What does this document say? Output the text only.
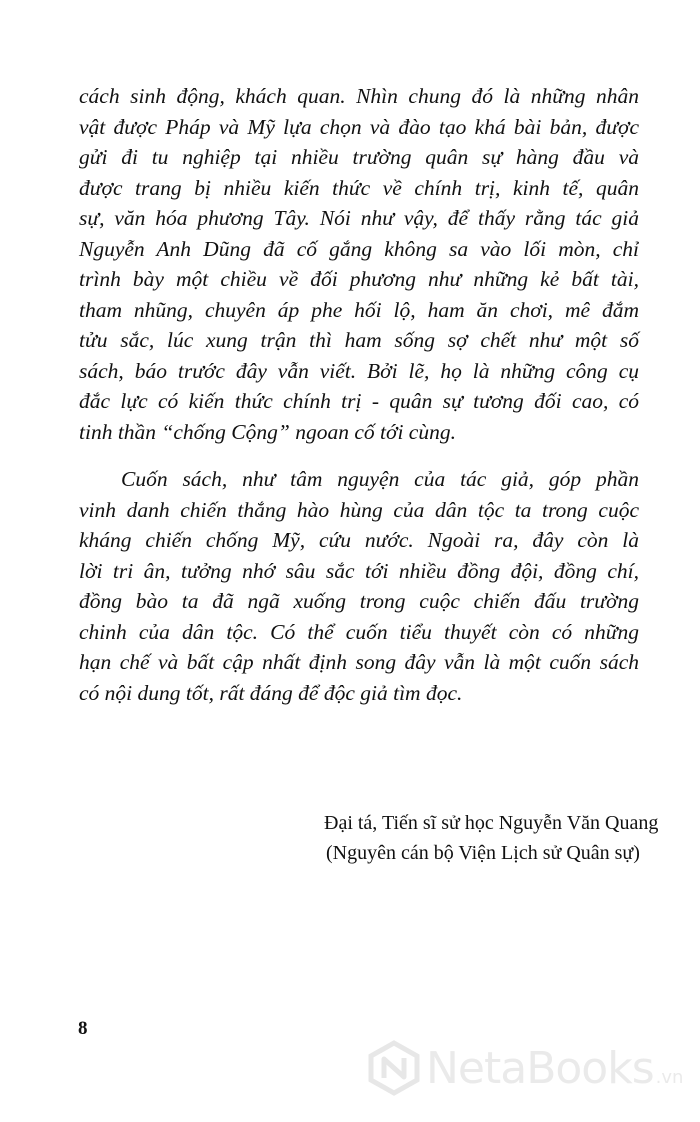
cách sinh động, khách quan. Nhìn chung đó là những nhân
vật được Pháp và Mỹ lựa chọn và đào tạo khá bài bản, được
gửi đi tu nghiệp tại nhiều trường quân sự hàng đầu và
được trang bị nhiều kiến thức về chính trị, kinh tế, quân
sự, văn hóa phương Tây. Nói như vậy, để thấy rằng tác giả
Nguyễn Anh Dũng đã cố gắng không sa vào lối mòn, chỉ
trình bày một chiều về đối phương như những kẻ bất tài,
tham nhũng, chuyên áp phe hối lộ, ham ăn chơi, mê đắm
tửu sắc, lúc xung trận thì ham sống sợ chết như một số
sách, báo trước đây vẫn viết. Bởi lẽ, họ là những công cụ
đắc lực có kiến thức chính trị - quân sự tương đối cao, có
tinh thần “chống Cộng” ngoan cố tới cùng.
Cuốn sách, như tâm nguyện của tác giả, góp phần
vinh danh chiến thắng hào hùng của dân tộc ta trong cuộc
kháng chiến chống Mỹ, cứu nước. Ngoài ra, đây còn là
lời tri ân, tưởng nhớ sâu sắc tới nhiều đồng đội, đồng chí,
đồng bào ta đã ngã xuống trong cuộc chiến đấu trường
chinh của dân tộc. Có thể cuốn tiểu thuyết còn có những
hạn chế và bất cập nhất định song đây vẫn là một cuốn sách
có nội dung tốt, rất đáng để độc giả tìm đọc.
Đại tá, Tiến sĩ sử học Nguyễn Văn Quang
(Nguyên cán bộ Viện Lịch sử Quân sự)
8
NetaBooks .vn
